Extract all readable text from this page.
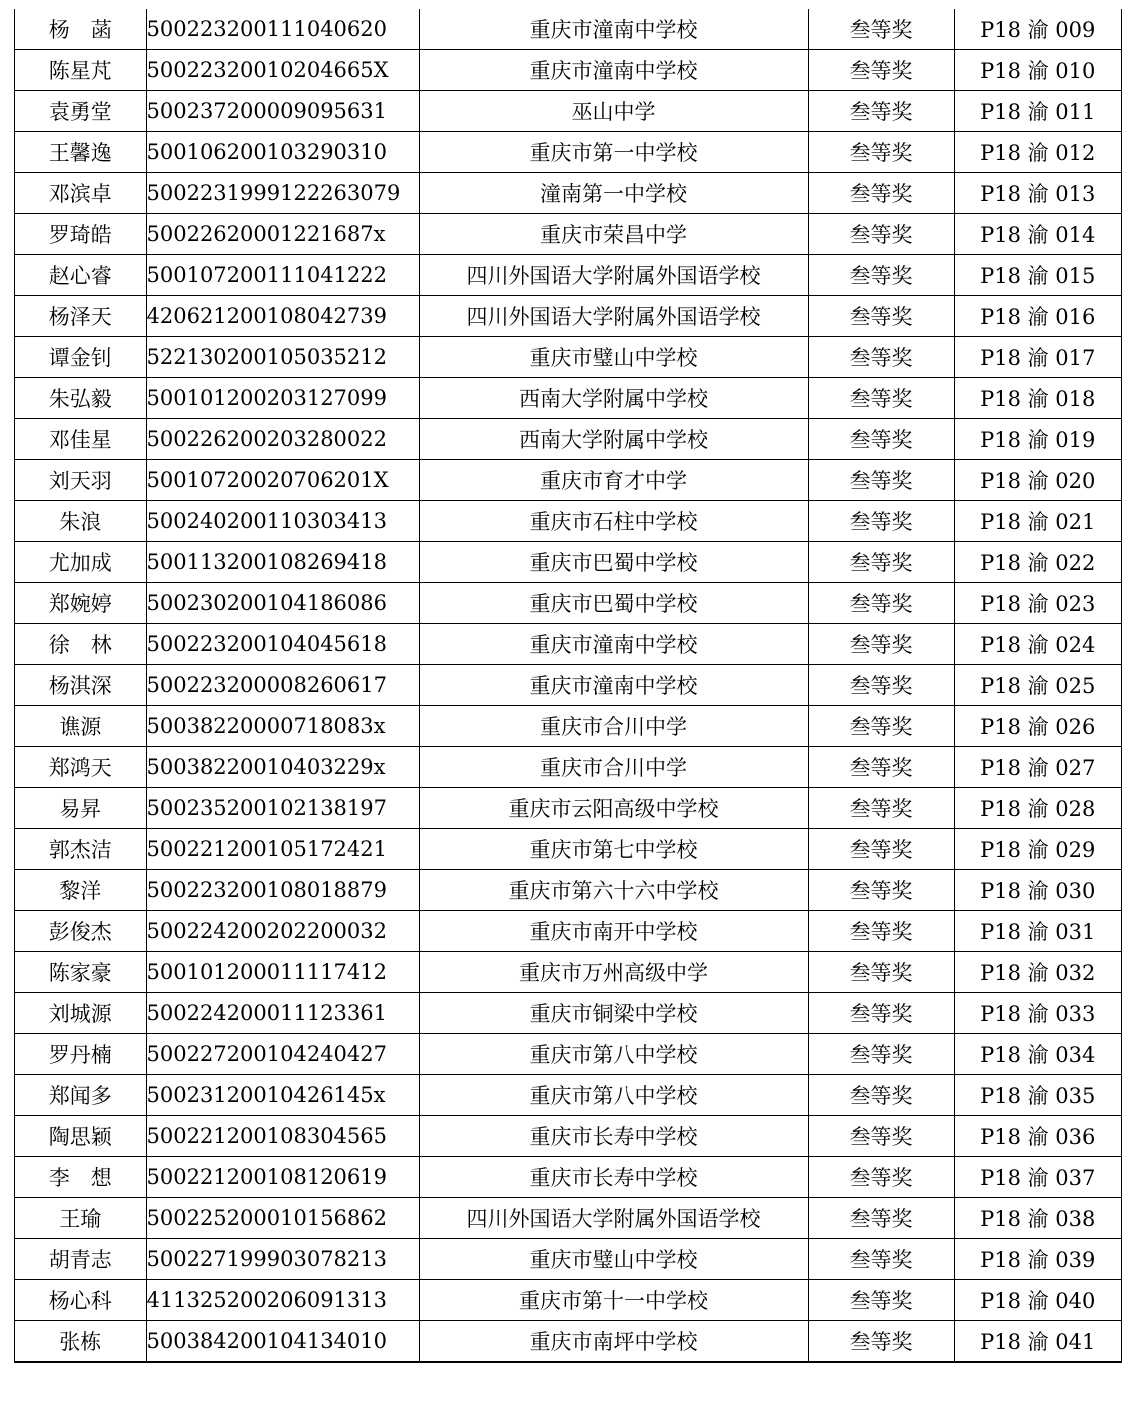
杨　菡	500223200111040620	重庆市潼南中学校	叁等奖	P18 渝 009
陈星芃	50022320010204665X	重庆市潼南中学校	叁等奖	P18 渝 010
袁勇堂	500237200009095631	巫山中学	叁等奖	P18 渝 011
王馨逸	500106200103290310	重庆市第一中学校	叁等奖	P18 渝 012
邓滨卓	500223199912226307​9	潼南第一中学校	叁等奖	P18 渝 013
罗琦皓	50022620001221687x	重庆市荣昌中学	叁等奖	P18 渝 014
赵心睿	500107200111041222	四川外国语大学附属外国语学校	叁等奖	P18 渝 015
杨泽天	420621200108042739	四川外国语大学附属外国语学校	叁等奖	P18 渝 016
谭金钊	522130200105035212	重庆市璧山中学校	叁等奖	P18 渝 017
朱弘毅	500101200203127099	西南大学附属中学校	叁等奖	P18 渝 018
邓佳星	500226200203280022	西南大学附属中学校	叁等奖	P18 渝 019
刘天羽	50010720020706201X	重庆市育才中学	叁等奖	P18 渝 020
朱浪	500240200110303413	重庆市石柱中学校	叁等奖	P18 渝 021
尤加成	500113200108269418	重庆市巴蜀中学校	叁等奖	P18 渝 022
郑婉婷	500230200104186086	重庆市巴蜀中学校	叁等奖	P18 渝 023
徐　林	500223200104045618	重庆市潼南中学校	叁等奖	P18 渝 024
杨淇深	500223200008260617	重庆市潼南中学校	叁等奖	P18 渝 025
谯源	50038220000718083x	重庆市合川中学	叁等奖	P18 渝 026
郑鸿天	50038220010403229x	重庆市合川中学	叁等奖	P18 渝 027
易昇	500235200102138197	重庆市云阳高级中学校	叁等奖	P18 渝 028
郭杰洁	500221200105172421	重庆市第七中学校	叁等奖	P18 渝 029
黎洋	500223200108018879	重庆市第六十六中学校	叁等奖	P18 渝 030
彭俊杰	500224200202200032	重庆市南开中学校	叁等奖	P18 渝 031
陈家豪	500101200011117412	重庆市万州高级中学	叁等奖	P18 渝 032
刘城源	500224200011123361	重庆市铜梁中学校	叁等奖	P18 渝 033
罗丹楠	500227200104240427	重庆市第八中学校	叁等奖	P18 渝 034
郑闻多	50023120010426145x	重庆市第八中学校	叁等奖	P18 渝 035
陶思颖	500221200108304565	重庆市长寿中学校	叁等奖	P18 渝 036
李　想	500221200108120619	重庆市长寿中学校	叁等奖	P18 渝 037
王瑜	500225200010156862	四川外国语大学附属外国语学校	叁等奖	P18 渝 038
胡青志	500227199903078213	重庆市璧山中学校	叁等奖	P18 渝 039
杨心科	411325200206091313	重庆市第十一中学校	叁等奖	P18 渝 040
张栋	500384200104134010	重庆市南坪中学校	叁等奖	P18 渝 041
